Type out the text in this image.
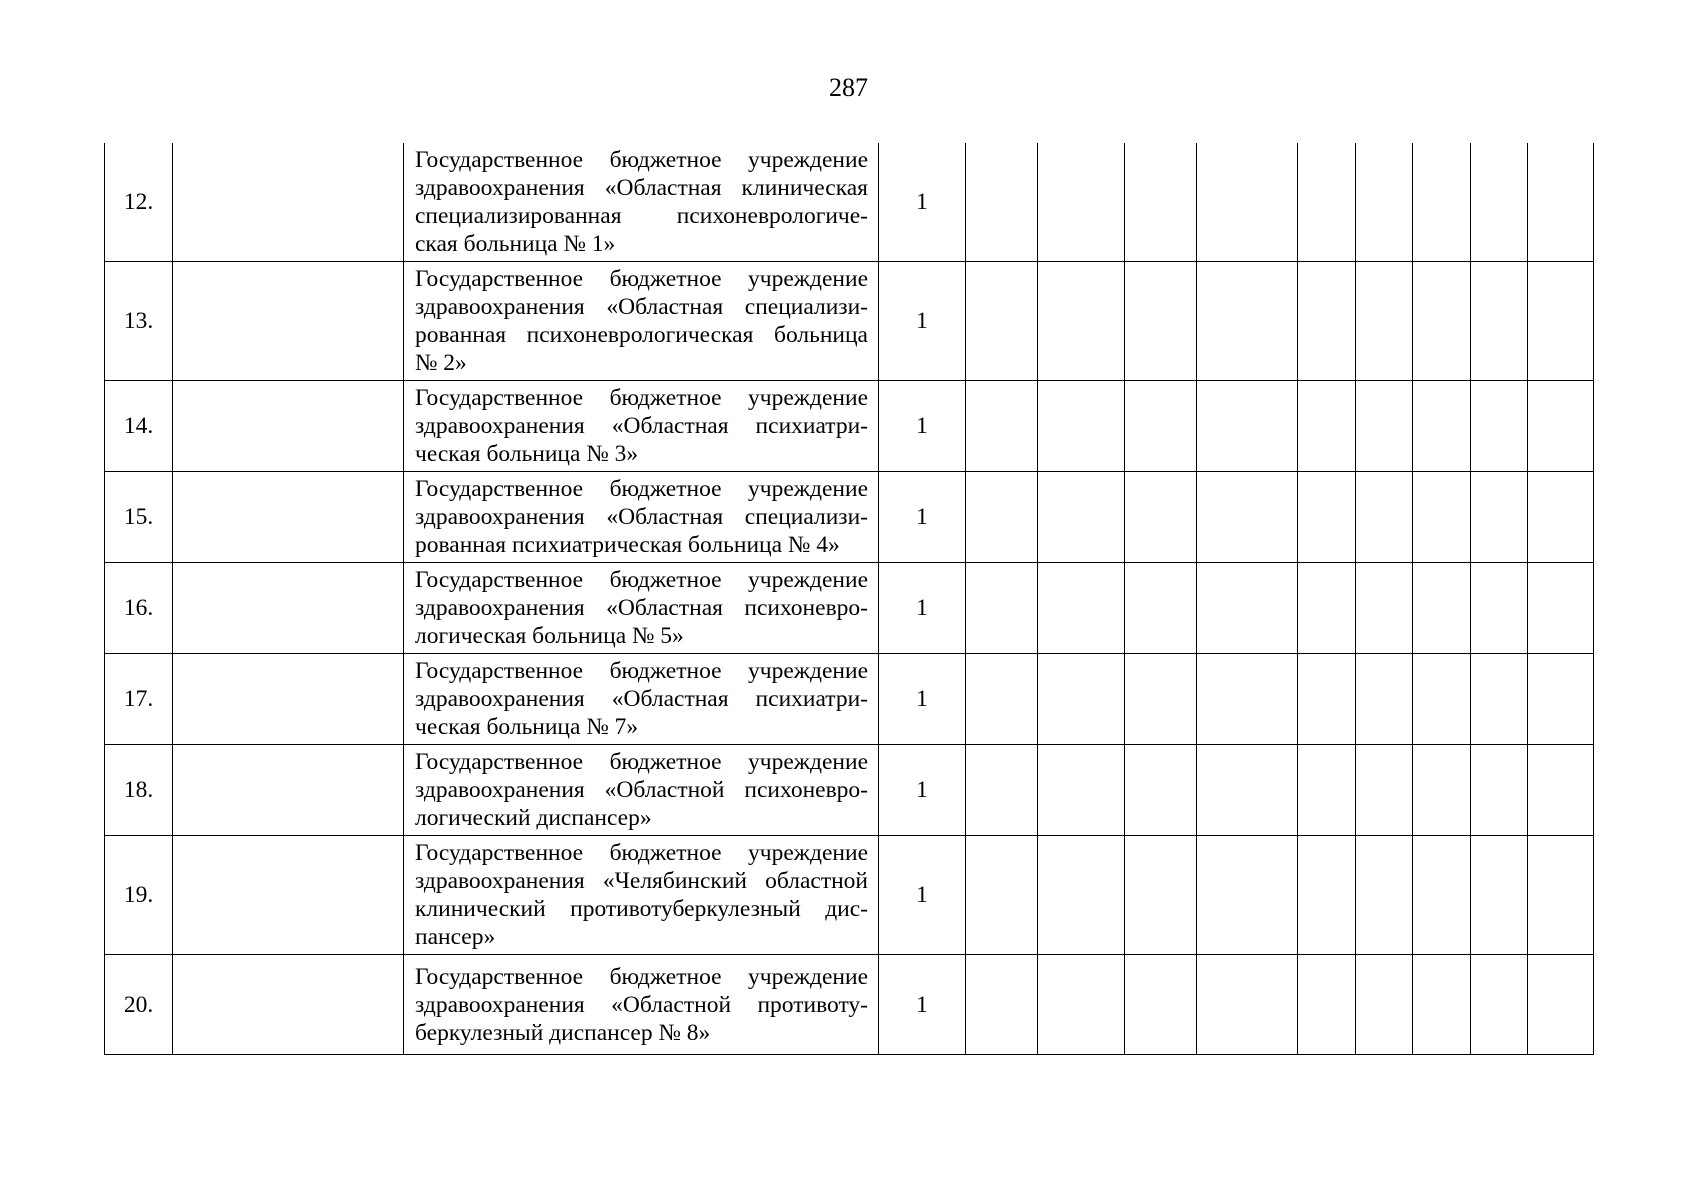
287
12.		Государственное бюджетное учреждение
здравоохранения «Областная клиническая
специализированная психоневрологиче-
ская больница № 1»	1									
13.		Государственное бюджетное учреждение
здравоохранения «Областная специализи-
рованная психоневрологическая больница
№ 2»	1									
14.		Государственное бюджетное учреждение
здравоохранения «Областная психиатри-
ческая больница № 3»	1									
15.		Государственное бюджетное учреждение
здравоохранения «Областная специализи-
рованная психиатрическая больница № 4»	1									
16.		Государственное бюджетное учреждение
здравоохранения «Областная психоневро-
логическая больница № 5»	1									
17.		Государственное бюджетное учреждение
здравоохранения «Областная психиатри-
ческая больница № 7»	1									
18.		Государственное бюджетное учреждение
здравоохранения «Областной психоневро-
логический диспансер»	1									
19.		Государственное бюджетное учреждение
здравоохранения «Челябинский областной
клинический противотуберкулезный дис-
пансер»	1									
20.		Государственное бюджетное учреждение
здравоохранения «Областной противоту-
беркулезный диспансер № 8»	1									
